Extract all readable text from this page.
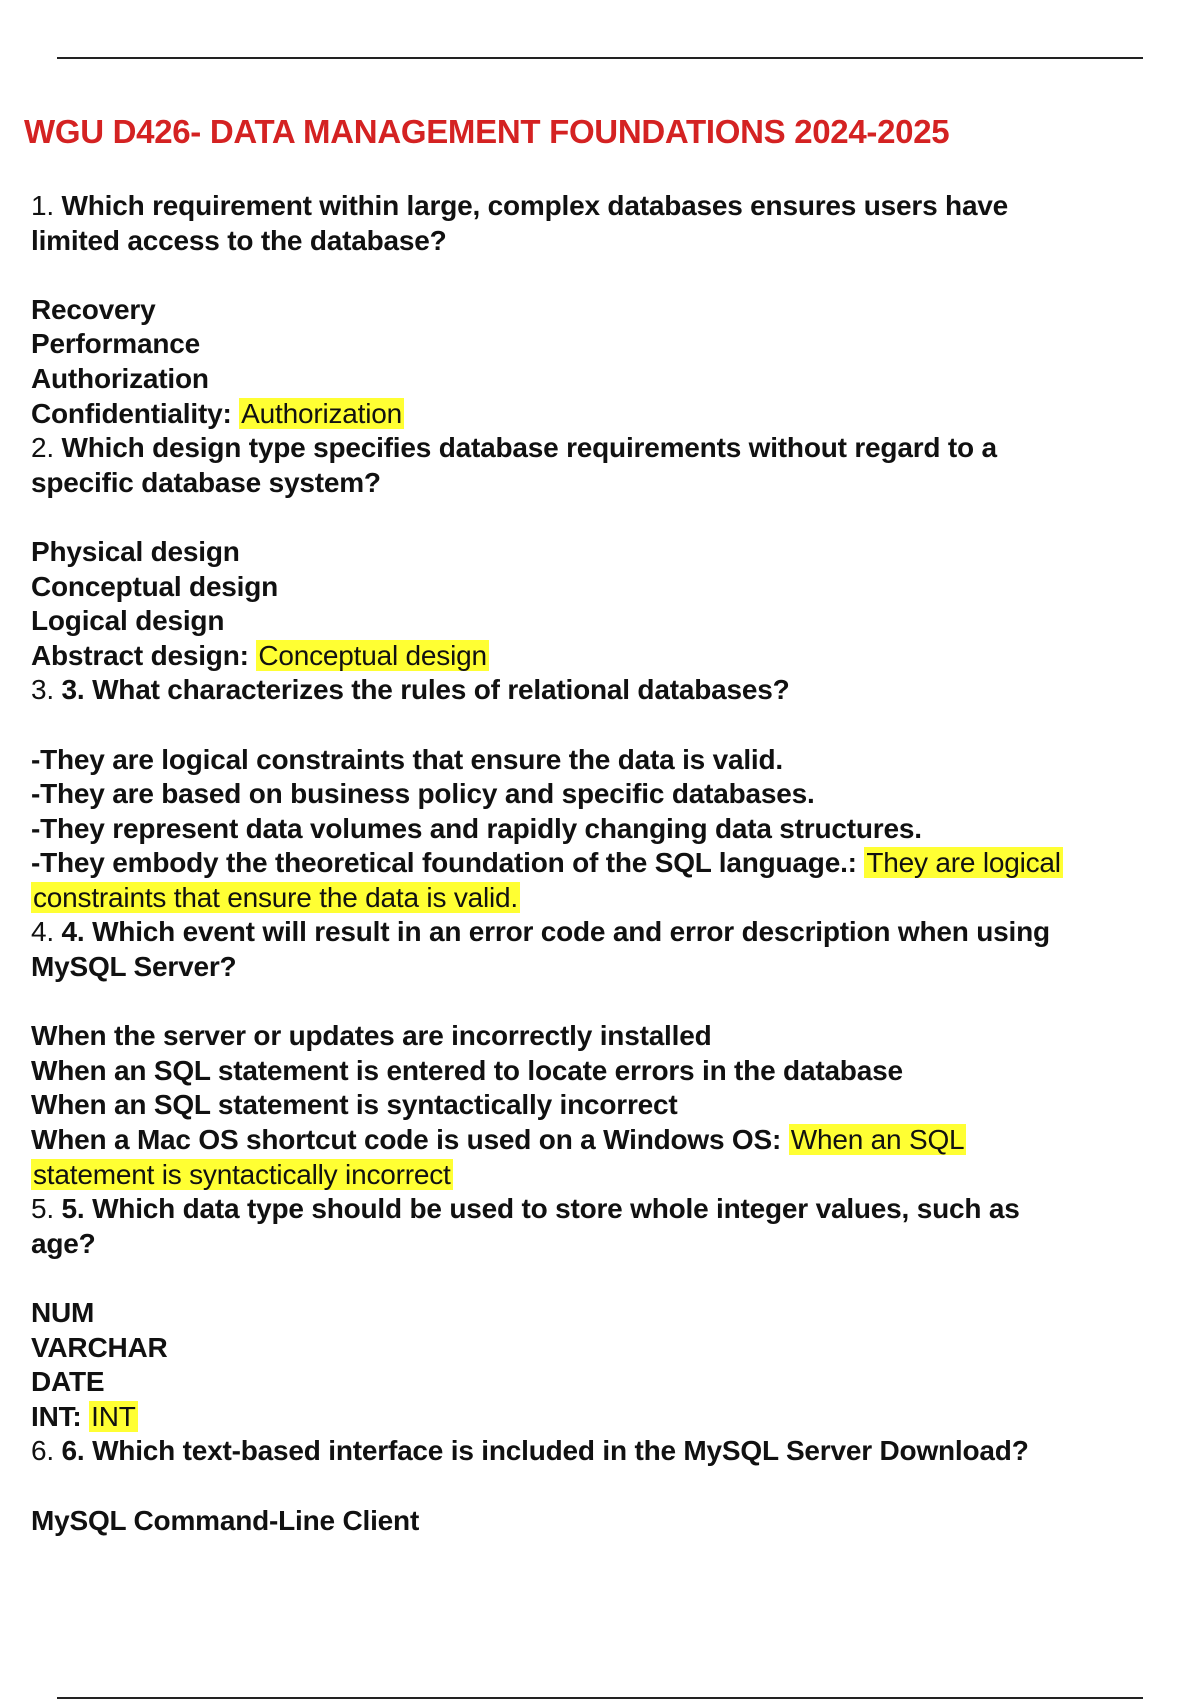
WGU D426- DATA MANAGEMENT FOUNDATIONS 2024-2025
1. Which requirement within large, complex databases ensures users have
limited access to the database?
Recovery
Performance
Authorization
Confidentiality: Authorization
2. Which design type specifies database requirements without regard to a
specific database system?
Physical design
Conceptual design
Logical design
Abstract design: Conceptual design
3. 3. What characterizes the rules of relational databases?
-They are logical constraints that ensure the data is valid.
-They are based on business policy and specific databases.
-They represent data volumes and rapidly changing data structures.
-They embody the theoretical foundation of the SQL language.: They are logical
constraints that ensure the data is valid.
4. 4. Which event will result in an error code and error description when using
MySQL Server?
When the server or updates are incorrectly installed
When an SQL statement is entered to locate errors in the database
When an SQL statement is syntactically incorrect
When a Mac OS shortcut code is used on a Windows OS: When an SQL
statement is syntactically incorrect
5. 5. Which data type should be used to store whole integer values, such as
age?
NUM
VARCHAR
DATE
INT: INT
6. 6. Which text-based interface is included in the MySQL Server Download?
MySQL Command-Line Client
